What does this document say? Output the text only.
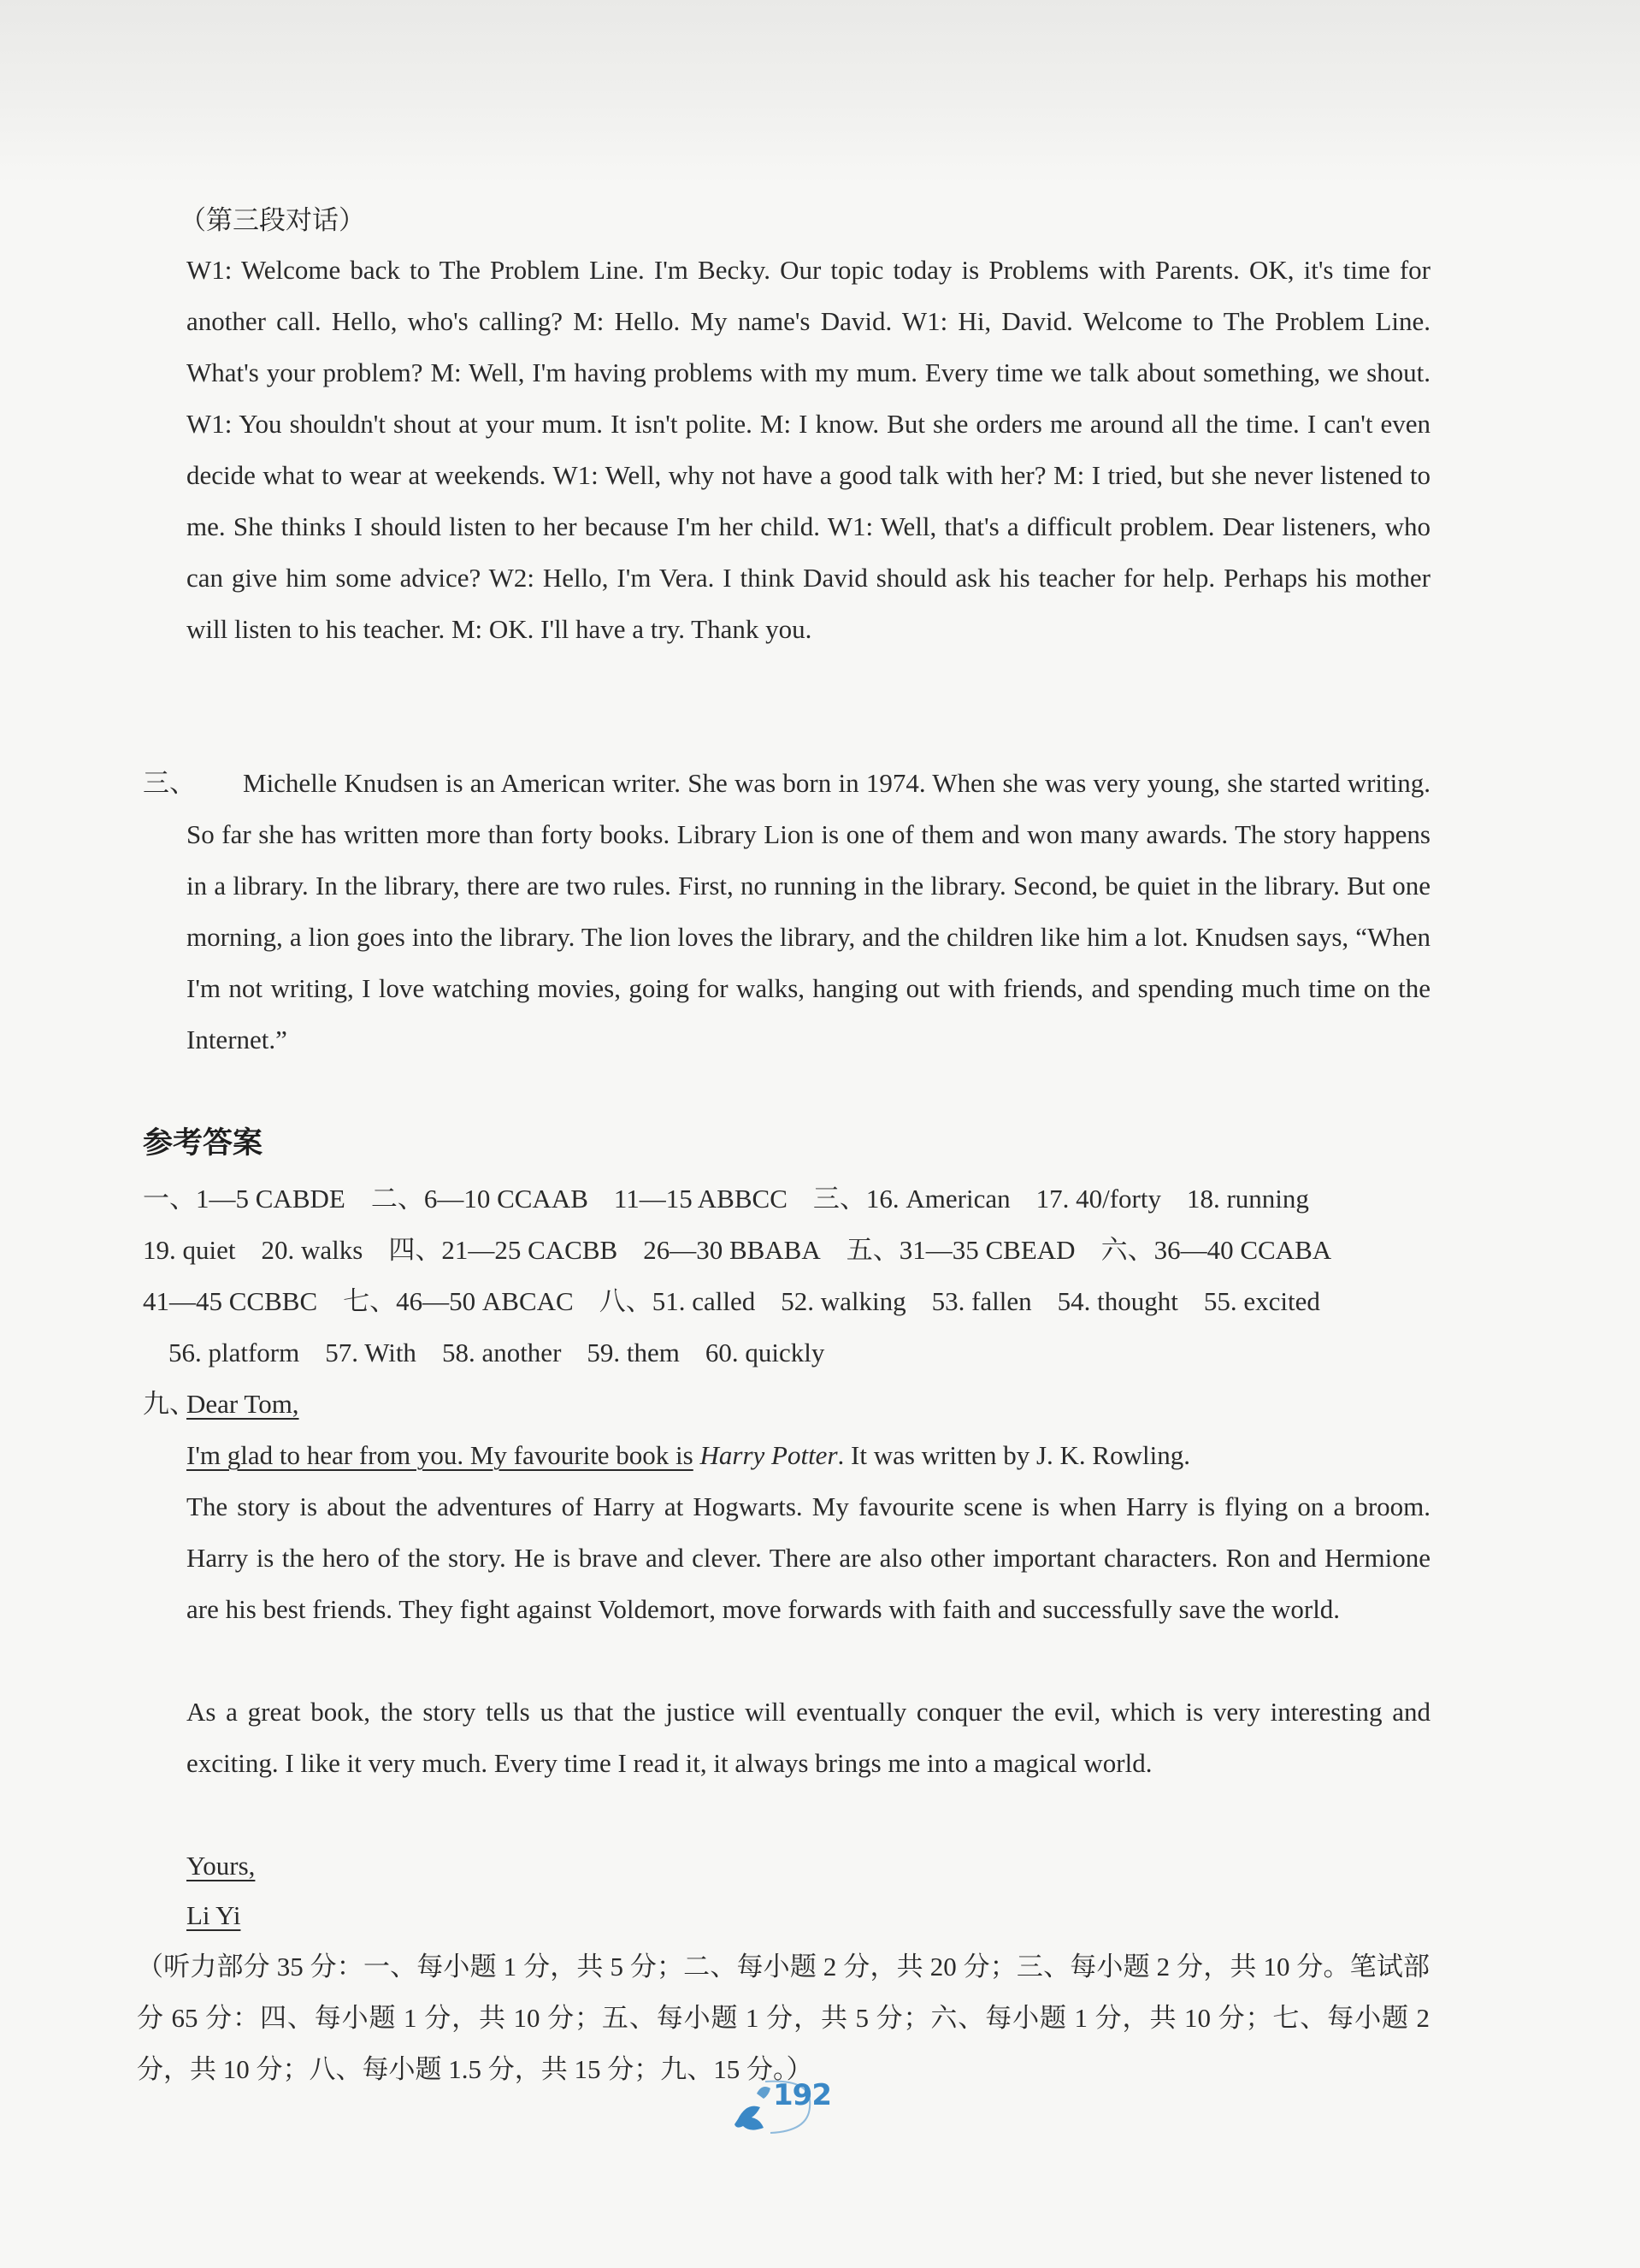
（第三段对话）
W1: Welcome back to The Problem Line. I'm Becky. Our topic today is Problems with Parents. OK, it's time for another call. Hello, who's calling? M: Hello. My name's David. W1: Hi, David. Welcome to The Problem Line. What's your problem? M: Well, I'm having problems with my mum. Every time we talk about something, we shout. W1: You shouldn't shout at your mum. It isn't polite. M: I know. But she orders me around all the time. I can't even decide what to wear at weekends. W1: Well, why not have a good talk with her? M: I tried, but she never listened to me. She thinks I should listen to her because I'm her child. W1: Well, that's a difficult problem. Dear listeners, who can give him some advice? W2: Hello, I'm Vera. I think David should ask his teacher for help. Perhaps his mother will listen to his teacher. M: OK. I'll have a try. Thank you.
三、	Michelle Knudsen is an American writer. She was born in 1974. When she was very young, she started writing. So far she has written more than forty books. Library Lion is one of them and won many awards. The story happens in a library. In the library, there are two rules. First, no running in the library. Second, be quiet in the library. But one morning, a lion goes into the library. The lion loves the library, and the children like him a lot. Knudsen says, “When I'm not writing, I love watching movies, going for walks, hanging out with friends, and spending much time on the Internet.”
参考答案
一、1—5 CABDE 二、6—10 CCAAB 11—15 ABBCC 三、16. American 17. 40/forty 18. running
19. quiet 20. walks 四、21—25 CACBB 26—30 BBABA 五、31—35 CBEAD 六、36—40 CCABA
41—45 CCBBC 七、46—50 ABCAC 八、51. called 52. walking 53. fallen 54. thought 55. excited
56. platform 57. With 58. another 59. them 60. quickly
九、
Dear Tom,
I'm glad to hear from you. My favourite book is Harry Potter. It was written by J. K. Rowling.
The story is about the adventures of Harry at Hogwarts. My favourite scene is when Harry is flying on a broom. Harry is the hero of the story. He is brave and clever. There are also other important characters. Ron and Hermione are his best friends. They fight against Voldemort, move forwards with faith and successfully save the world.
As a great book, the story tells us that the justice will eventually conquer the evil, which is very interesting and exciting. I like it very much. Every time I read it, it always brings me into a magical world.
Yours,
Li Yi
（听力部分 35 分：一、每小题 1 分，共 5 分；二、每小题 2 分，共 20 分；三、每小题 2 分，共 10 分。笔试部分 65 分：四、每小题 1 分，共 10 分；五、每小题 1 分，共 5 分；六、每小题 1 分，共 10 分；七、每小题 2 分，共 10 分；八、每小题 1.5 分，共 15 分；九、15 分。）
192
